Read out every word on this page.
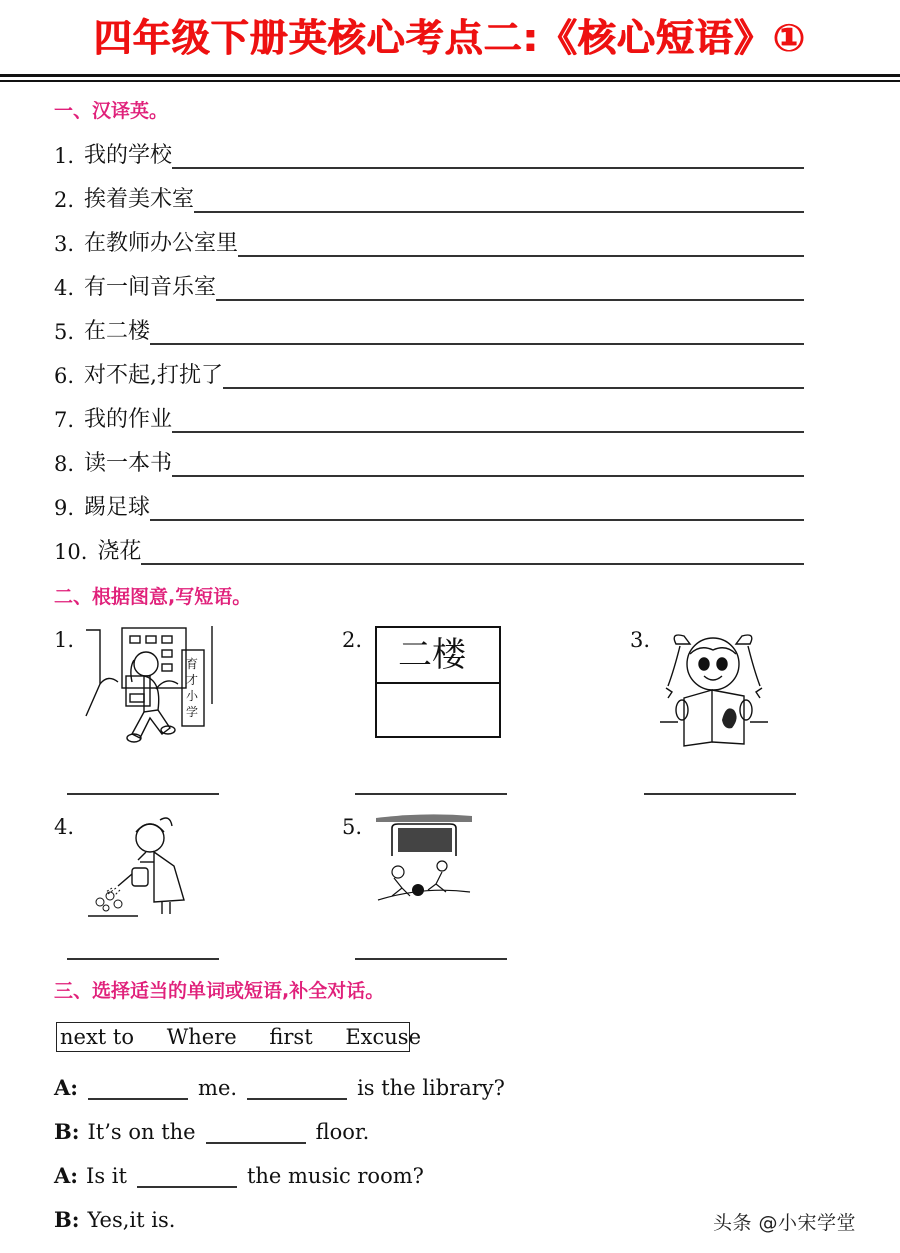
四年级下册英核心考点二:《核心短语》①
一、汉译英。
1. 我的学校
2. 挨着美术室
3. 在教师办公室里
4. 有一间音乐室
5. 在二楼
6. 对不起,打扰了
7. 我的作业
8. 读一本书
9. 踢足球
10. 浇花
二、根据图意,写短语。
1.
育
才
小
学
2.	二楼	3.
4.	5.
三、选择适当的单词或短语,补全对话。
next to Where first Excuse
A:	me.	is the library?
B: It’s on the	floor.
A: Is it	the music room?
B: Yes,it is.	头条 @小宋学堂
